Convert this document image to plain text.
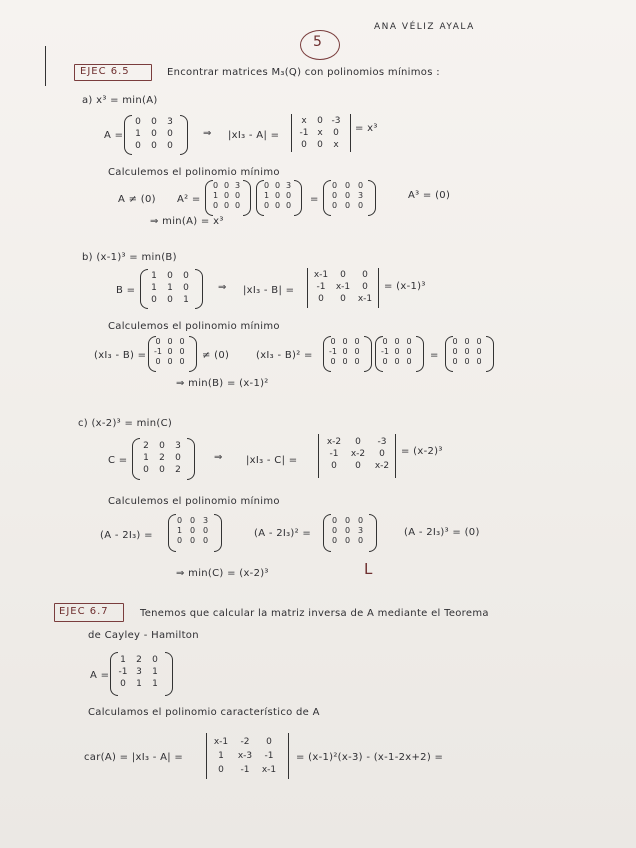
ANA VÉLIZ AYALA
5
EJEC 6.5	Encontrar matrices M₃(Q) con polinomios mínimos :
a) x³ = min(A)
A =
0	0	3
1	0	0
0	0	0
⇒ |xI₃ - A| =
x	0 -3
-1 x	0
0	0	x
= x³
Calculemos el polinomio mínimo
A ≠ (0) A² =
0 0 3
1 0 0
0 0 0
0 0 3
1 0 0
0 0 0
=
0 0 0
0 0 3
0 0 0
A³ = (0)
⇒ min(A) = x³
b) (x-1)³ = min(B)
B =
1	0	0
1	1	0
0	0	1
⇒ |xI₃ - B| =
x-1	0	0
-1	x-1	0
0	0	x-1
= (x-1)³
Calculemos el polinomio mínimo
(xI₃ - B) =
0 0 0
-1 0 0
0 0 0
≠ (0)	(xI₃ - B)² =
0 0 0
-1 0 0
0 0 0
0 0 0
-1 0 0
0 0 0
=
0 0 0
0 0 0
0 0 0
⇒ min(B) = (x-1)²
c) (x-2)³ = min(C)
C =
2	0	3
1	2	0
0	0	2
⇒ |xI₃ - C| =
x-2	0	-3
-1	x-2	0
0	0	x-2
= (x-2)³
Calculemos el polinomio mínimo
(A - 2I₃) =
0 0 3
1 0 0
0 0 0
(A - 2I₃)² =
0 0 0
0 0 3
0 0 0
(A - 2I₃)³ = (0)
⇒ min(C) = (x-2)³	L
EJEC 6.7	Tenemos que calcular la matriz inversa de A mediante el Teorema
de Cayley - Hamilton
A =
1	2	0
-1 3	1
0	1	1
Calculamos el polinomio característico de A
car(A) = |xI₃ - A| =
x-1	-2	0
1	x-3	-1
0	-1	x-1
= (x-1)²(x-3) - (x-1-2x+2) =
